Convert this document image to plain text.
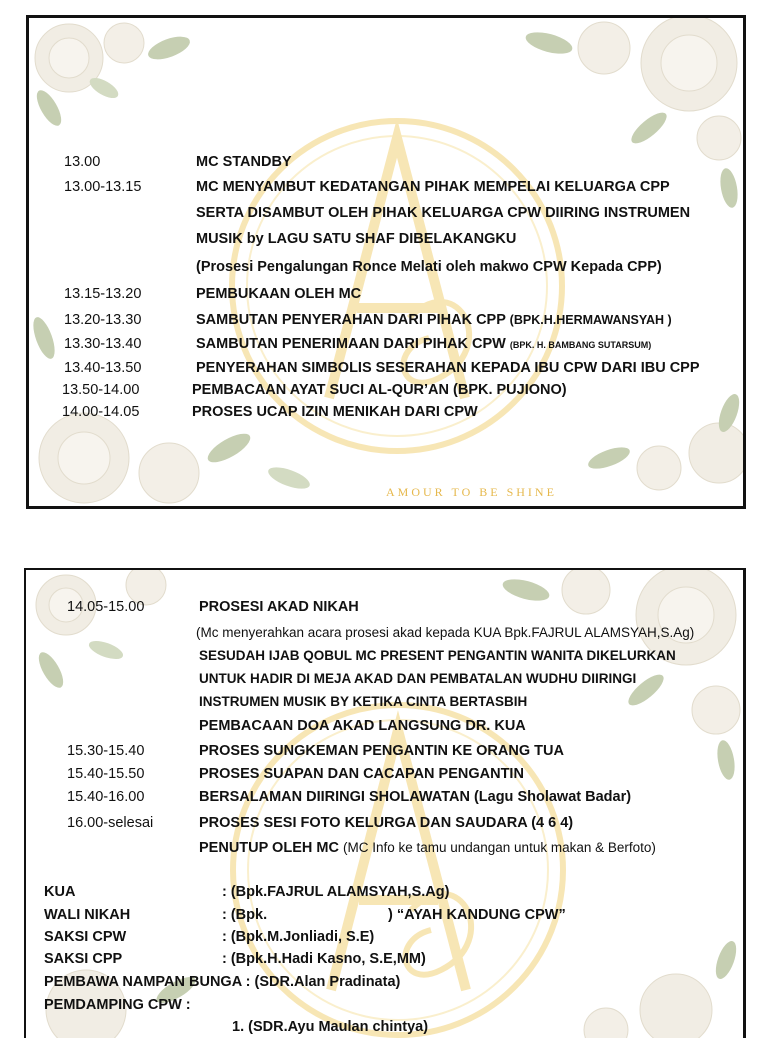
13.00	MC STANDBY
13.00-13.15	MC MENYAMBUT KEDATANGAN PIHAK MEMPELAI KELUARGA CPP
SERTA DISAMBUT OLEH PIHAK KELUARGA CPW DIIRING INSTRUMEN
MUSIK by LAGU SATU SHAF DIBELAKANGKU
(Prosesi Pengalungan Ronce Melati oleh makwo CPW Kepada CPP)
13.15-13.20	PEMBUKAAN OLEH MC
13.20-13.30	SAMBUTAN PENYERAHAN DARI PIHAK CPP (BPK.H.HERMAWANSYAH )
13.30-13.40	SAMBUTAN PENERIMAAN DARI PIHAK CPW (BPK. H. BAMBANG SUTARSUM)
13.40-13.50	PENYERAHAN SIMBOLIS SESERAHAN KEPADA IBU CPW DARI IBU CPP
13.50-14.00	PEMBACAAN AYAT SUCI AL-QUR’AN (BPK. PUJIONO)
14.00-14.05	PROSES UCAP IZIN MENIKAH DARI CPW
AMOUR TO BE SHINE
14.05-15.00	PROSESI AKAD NIKAH
(Mc menyerahkan acara prosesi akad kepada KUA Bpk.FAJRUL ALAMSYAH,S.Ag)
SESUDAH IJAB QOBUL MC PRESENT PENGANTIN WANITA DIKELURKAN
UNTUK HADIR DI MEJA AKAD DAN PEMBATALAN WUDHU DIIRINGI
INSTRUMEN MUSIK BY KETIKA CINTA BERTASBIH
PEMBACAAN DOA AKAD LANGSUNG DR. KUA
15.30-15.40	PROSES SUNGKEMAN PENGANTIN KE ORANG TUA
15.40-15.50	PROSES SUAPAN DAN CACAPAN PENGANTIN
15.40-16.00	BERSALAMAN DIIRINGI SHOLAWATAN (Lagu Sholawat Badar)
16.00-selesai	PROSES SESI FOTO KELURGA DAN SAUDARA (4 6 4)
PENUTUP OLEH MC (MC Info ke tamu undangan untuk makan & Berfoto)
KUA	: (Bpk.FAJRUL ALAMSYAH,S.Ag)
WALI NIKAH	: (Bpk.                              ) “AYAH KANDUNG CPW”
SAKSI CPW	: (Bpk.M.Jonliadi, S.E)
SAKSI CPP	: (Bpk.H.Hadi Kasno, S.E,MM)
PEMBAWA NAMPAN BUNGA : (SDR.Alan Pradinata)
PEMDAMPING CPW :
1. (SDR.Ayu Maulan chintya)
